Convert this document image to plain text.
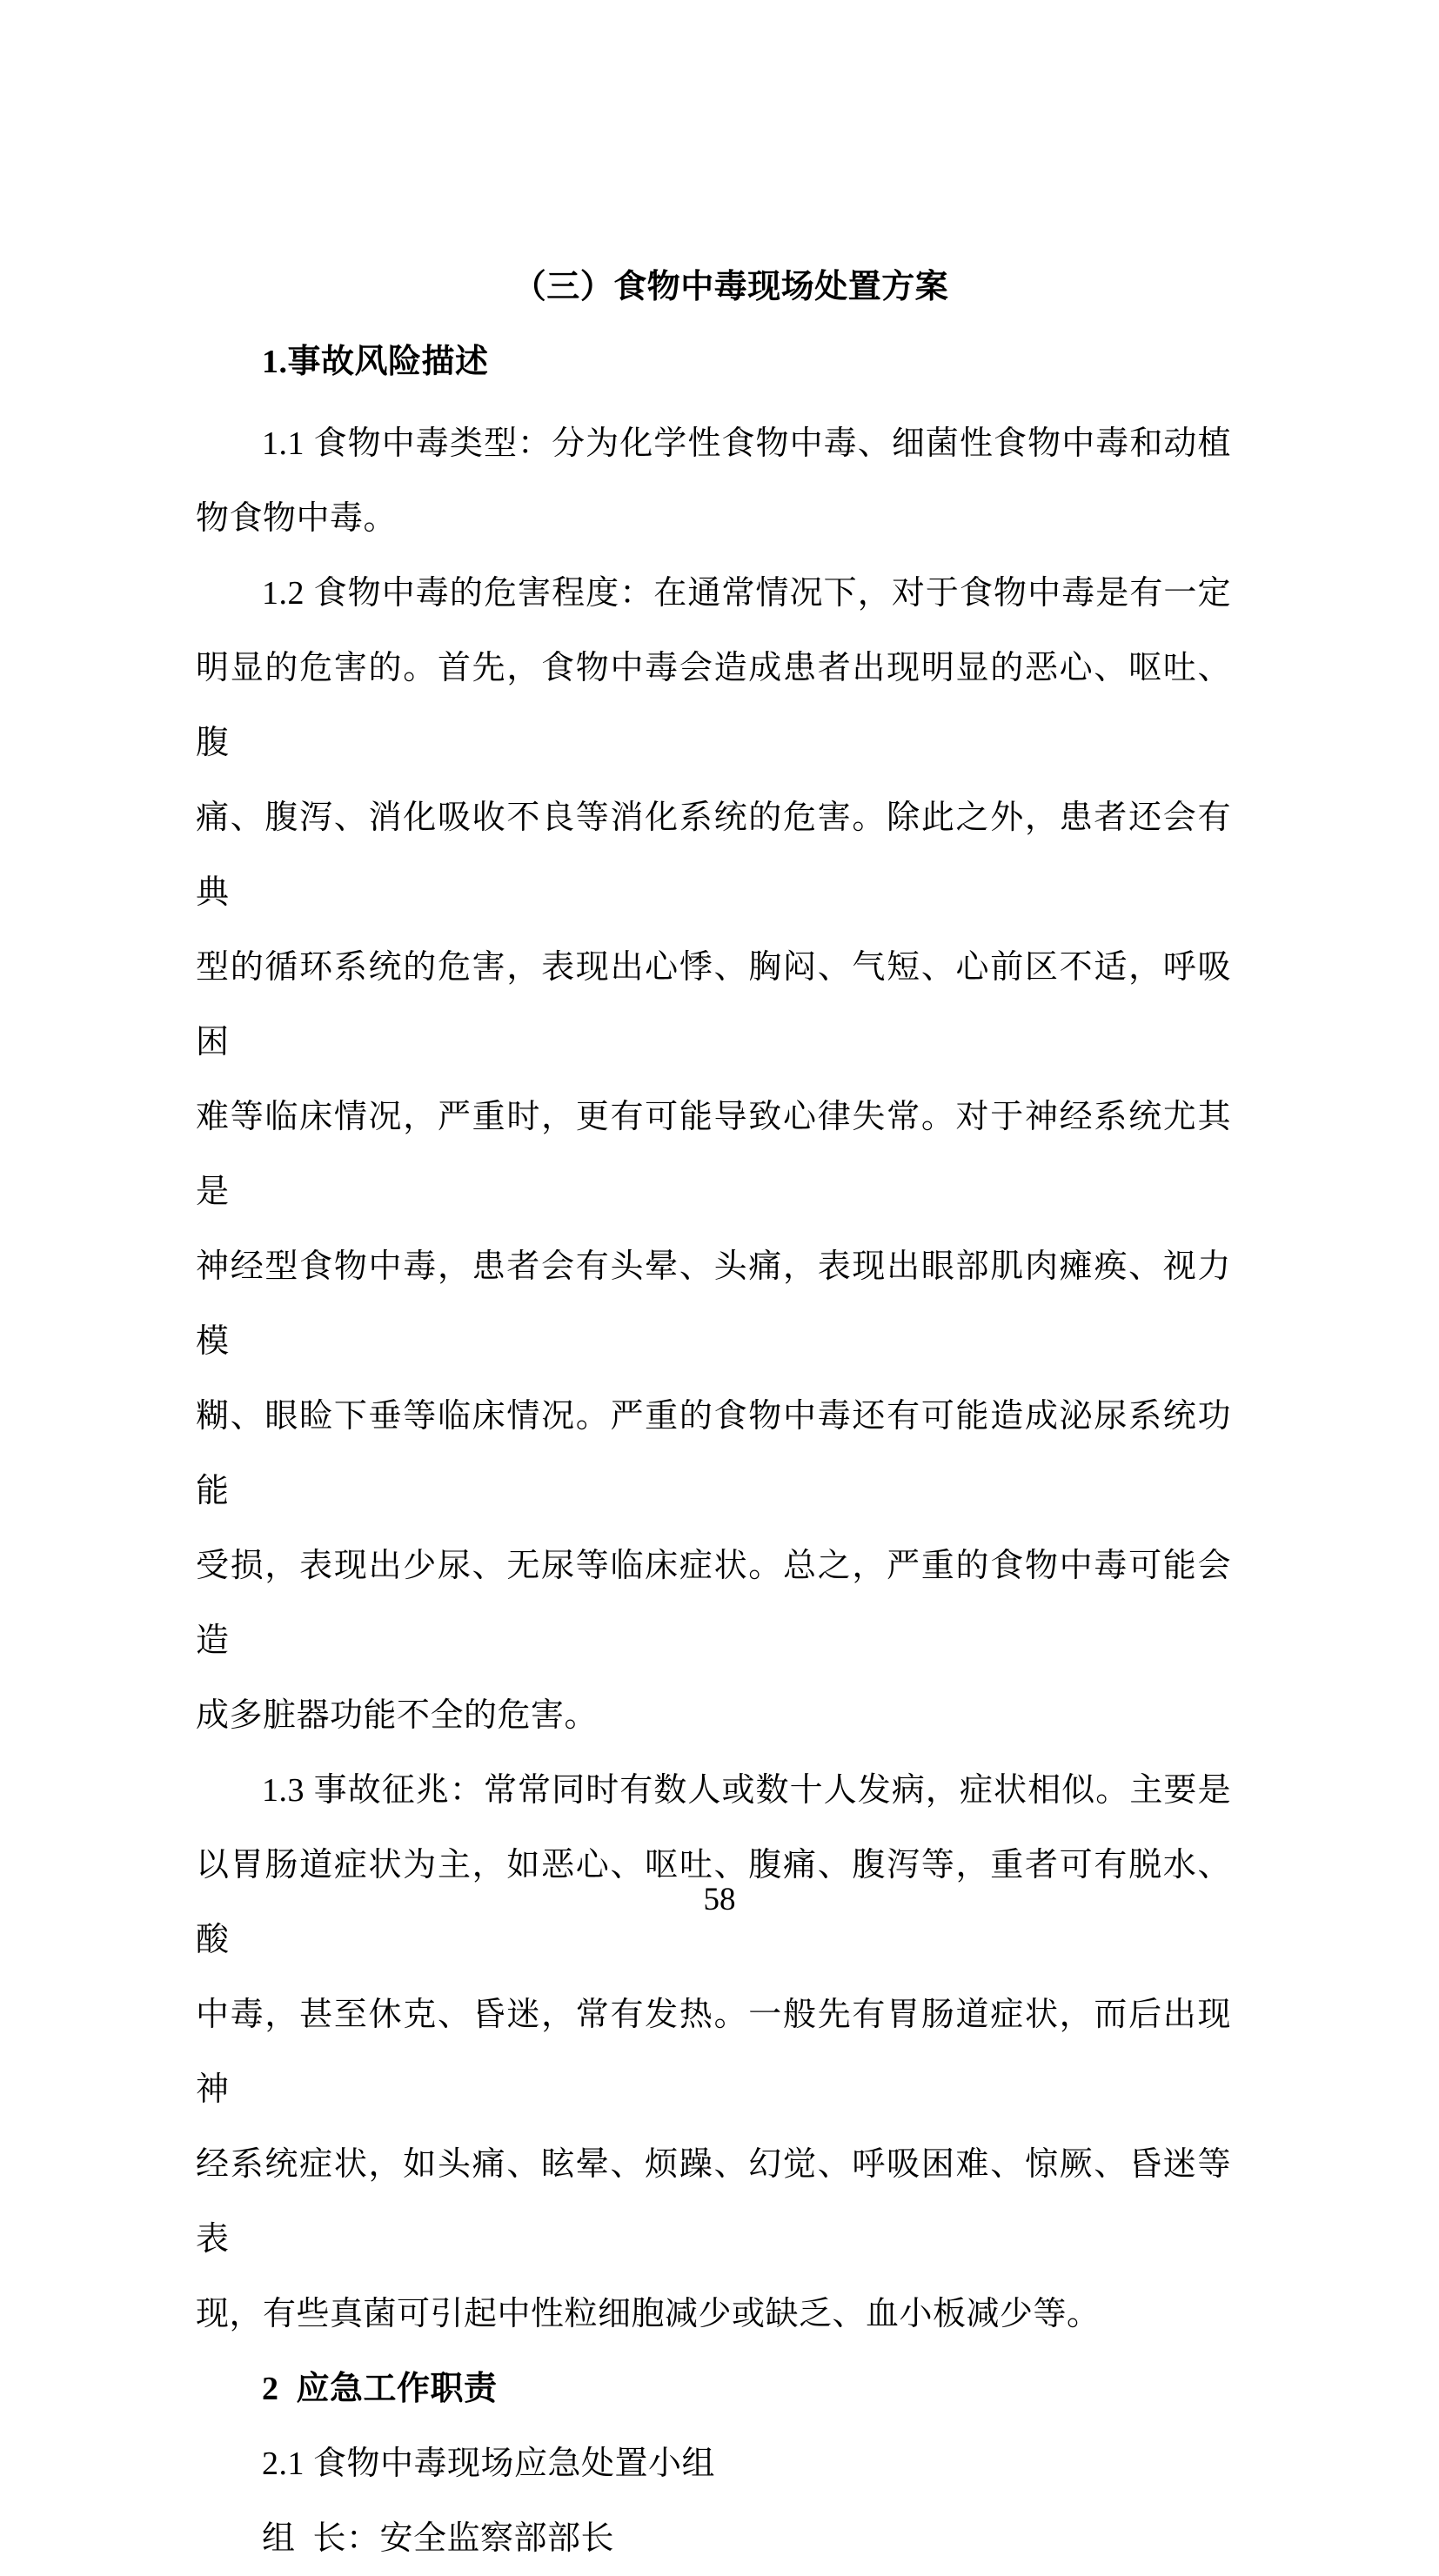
（三）食物中毒现场处置方案
1.事故风险描述
1.1 食物中毒类型：分为化学性食物中毒、细菌性食物中毒和动植
物食物中毒。
1.2 食物中毒的危害程度：在通常情况下，对于食物中毒是有一定
明显的危害的。首先，食物中毒会造成患者出现明显的恶心、呕吐、腹
痛、腹泻、消化吸收不良等消化系统的危害。除此之外，患者还会有典
型的循环系统的危害，表现出心悸、胸闷、气短、心前区不适，呼吸困
难等临床情况，严重时，更有可能导致心律失常。对于神经系统尤其是
神经型食物中毒，患者会有头晕、头痛，表现出眼部肌肉瘫痪、视力模
糊、眼睑下垂等临床情况。严重的食物中毒还有可能造成泌尿系统功能
受损，表现出少尿、无尿等临床症状。总之，严重的食物中毒可能会造
成多脏器功能不全的危害。
1.3 事故征兆：常常同时有数人或数十人发病，症状相似。主要是
以胃肠道症状为主，如恶心、呕吐、腹痛、腹泻等，重者可有脱水、酸
中毒，甚至休克、昏迷，常有发热。一般先有胃肠道症状，而后出现神
经系统症状，如头痛、眩晕、烦躁、幻觉、呼吸困难、惊厥、昏迷等表
现，有些真菌可引起中性粒细胞减少或缺乏、血小板减少等。
2  应急工作职责
2.1 食物中毒现场应急处置小组
组  长：安全监察部部长
58
